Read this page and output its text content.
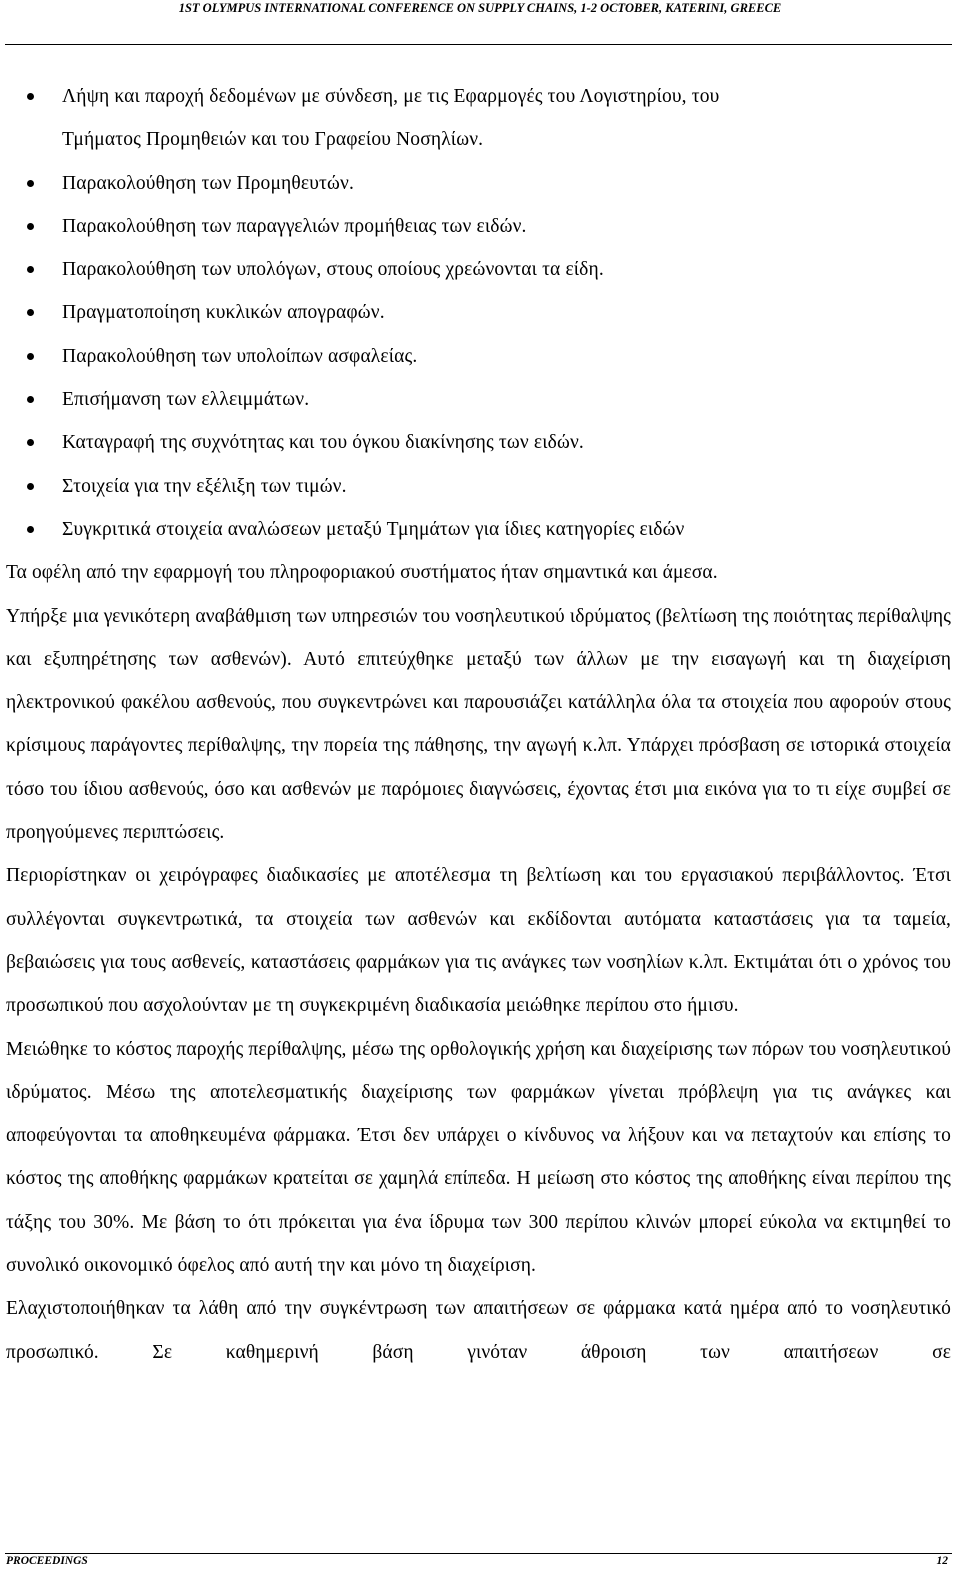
1ST OLYMPUS INTERNATIONAL CONFERENCE ON SUPPLY CHAINS, 1-2 OCTOBER, KATERINI, GREECE
Λήψη και παροχή δεδομένων με σύνδεση, με τις Εφαρμογές του Λογιστηρίου, του
Τμήματος Προμηθειών και του Γραφείου Νοσηλίων.
Παρακολούθηση των Προμηθευτών.
Παρακολούθηση των παραγγελιών προμήθειας των ειδών.
Παρακολούθηση των υπολόγων, στους οποίους χρεώνονται τα είδη.
Πραγματοποίηση κυκλικών απογραφών.
Παρακολούθηση των υπολοίπων ασφαλείας.
Επισήμανση των ελλειμμάτων.
Καταγραφή της συχνότητας και του όγκου διακίνησης των ειδών.
Στοιχεία για την εξέλιξη των τιμών.
Συγκριτικά στοιχεία αναλώσεων μεταξύ Τμημάτων για ίδιες κατηγορίες ειδών

Τα οφέλη από την εφαρμογή του πληροφοριακού συστήματος ήταν σημαντικά και άμεσα.

Υπήρξε μια γενικότερη αναβάθμιση των υπηρεσιών του νοσηλευτικού ιδρύματος (βελτίωση της ποιότητας περίθαλψης και εξυπηρέτησης των ασθενών). Αυτό επιτεύχθηκε μεταξύ των άλλων με την εισαγωγή και τη διαχείριση ηλεκτρονικού φακέλου ασθενούς, που συγκεντρώνει και παρουσιάζει κατάλληλα όλα τα στοιχεία που αφορούν στους κρίσιμους παράγοντες περίθαλψης, την πορεία της πάθησης, την αγωγή κ.λπ. Υπάρχει πρόσβαση σε ιστορικά στοιχεία τόσο του ίδιου ασθενούς, όσο και ασθενών με παρόμοιες διαγνώσεις, έχοντας έτσι μια εικόνα για το τι είχε συμβεί σε προηγούμενες περιπτώσεις.

Περιορίστηκαν οι χειρόγραφες διαδικασίες με αποτέλεσμα τη βελτίωση και του εργασιακού περιβάλλοντος. Έτσι συλλέγονται συγκεντρωτικά, τα στοιχεία των ασθενών και εκδίδονται αυτόματα καταστάσεις για τα ταμεία, βεβαιώσεις για τους ασθενείς, καταστάσεις φαρμάκων για τις ανάγκες των νοσηλίων κ.λπ. Εκτιμάται ότι ο χρόνος του προσωπικού που ασχολούνταν με τη συγκεκριμένη διαδικασία μειώθηκε περίπου στο ήμισυ.

Μειώθηκε το κόστος παροχής περίθαλψης, μέσω της ορθολογικής χρήση και διαχείρισης των πόρων του νοσηλευτικού ιδρύματος. Μέσω της αποτελεσματικής διαχείρισης των φαρμάκων γίνεται πρόβλεψη για τις ανάγκες και αποφεύγονται τα αποθηκευμένα φάρμακα. Έτσι δεν υπάρχει ο κίνδυνος να λήξουν και να πεταχτούν και επίσης το κόστος της αποθήκης φαρμάκων κρατείται σε χαμηλά επίπεδα. Η μείωση στο κόστος της αποθήκης είναι περίπου της τάξης του 30%. Με βάση το ότι πρόκειται για ένα ίδρυμα των 300 περίπου κλινών μπορεί εύκολα να εκτιμηθεί το συνολικό οικονομικό όφελος από αυτή την και μόνο τη διαχείριση.

Ελαχιστοποιήθηκαν τα λάθη από την συγκέντρωση των απαιτήσεων σε φάρμακα κατά ημέρα από το νοσηλευτικό προσωπικό. Σε καθημερινή βάση γινόταν άθροιση των απαιτήσεων σε

PROCEEDINGS	12
